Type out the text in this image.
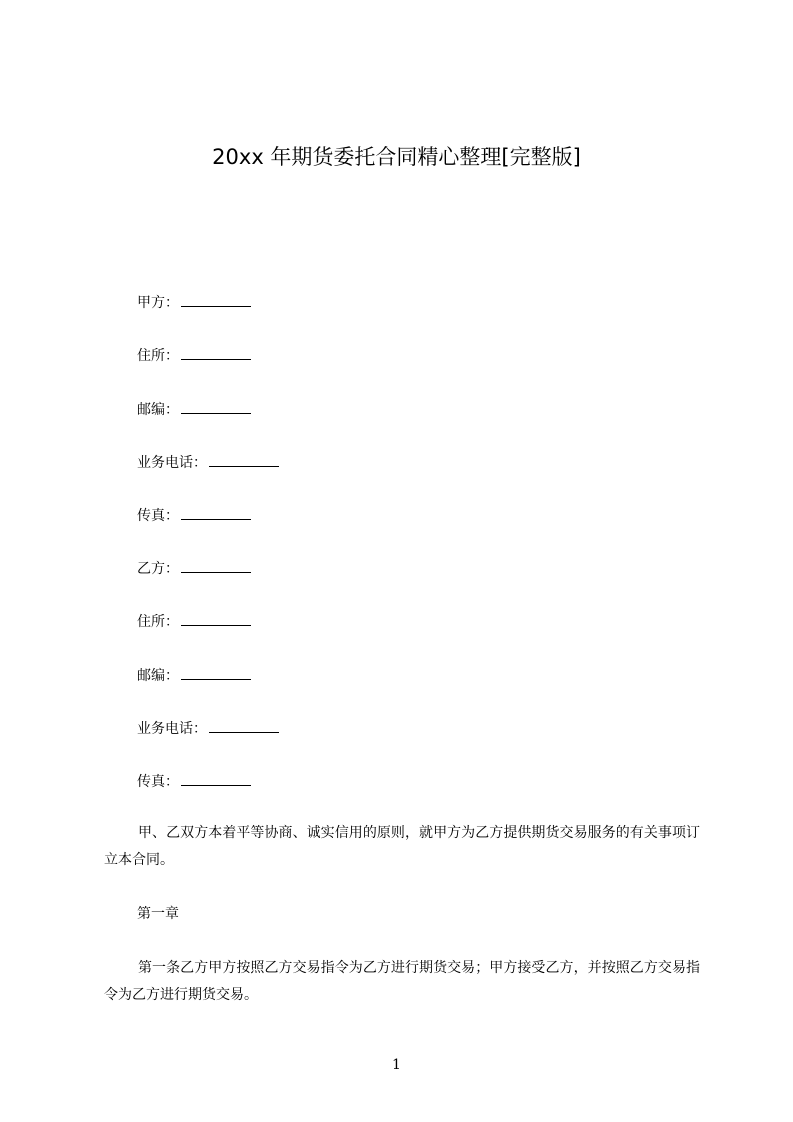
20xx 年期货委托合同精心整理[完整版]
甲方：
住所：
邮编：
业务电话：
传真：
乙方：
住所：
邮编：
业务电话：
传真：
甲、乙双方本着平等协商、诚实信用的原则，就甲方为乙方提供期货交易服务的有关事项订立本合同。
第一章
第一条乙方甲方按照乙方交易指令为乙方进行期货交易；甲方接受乙方，并按照乙方交易指令为乙方进行期货交易。
1
